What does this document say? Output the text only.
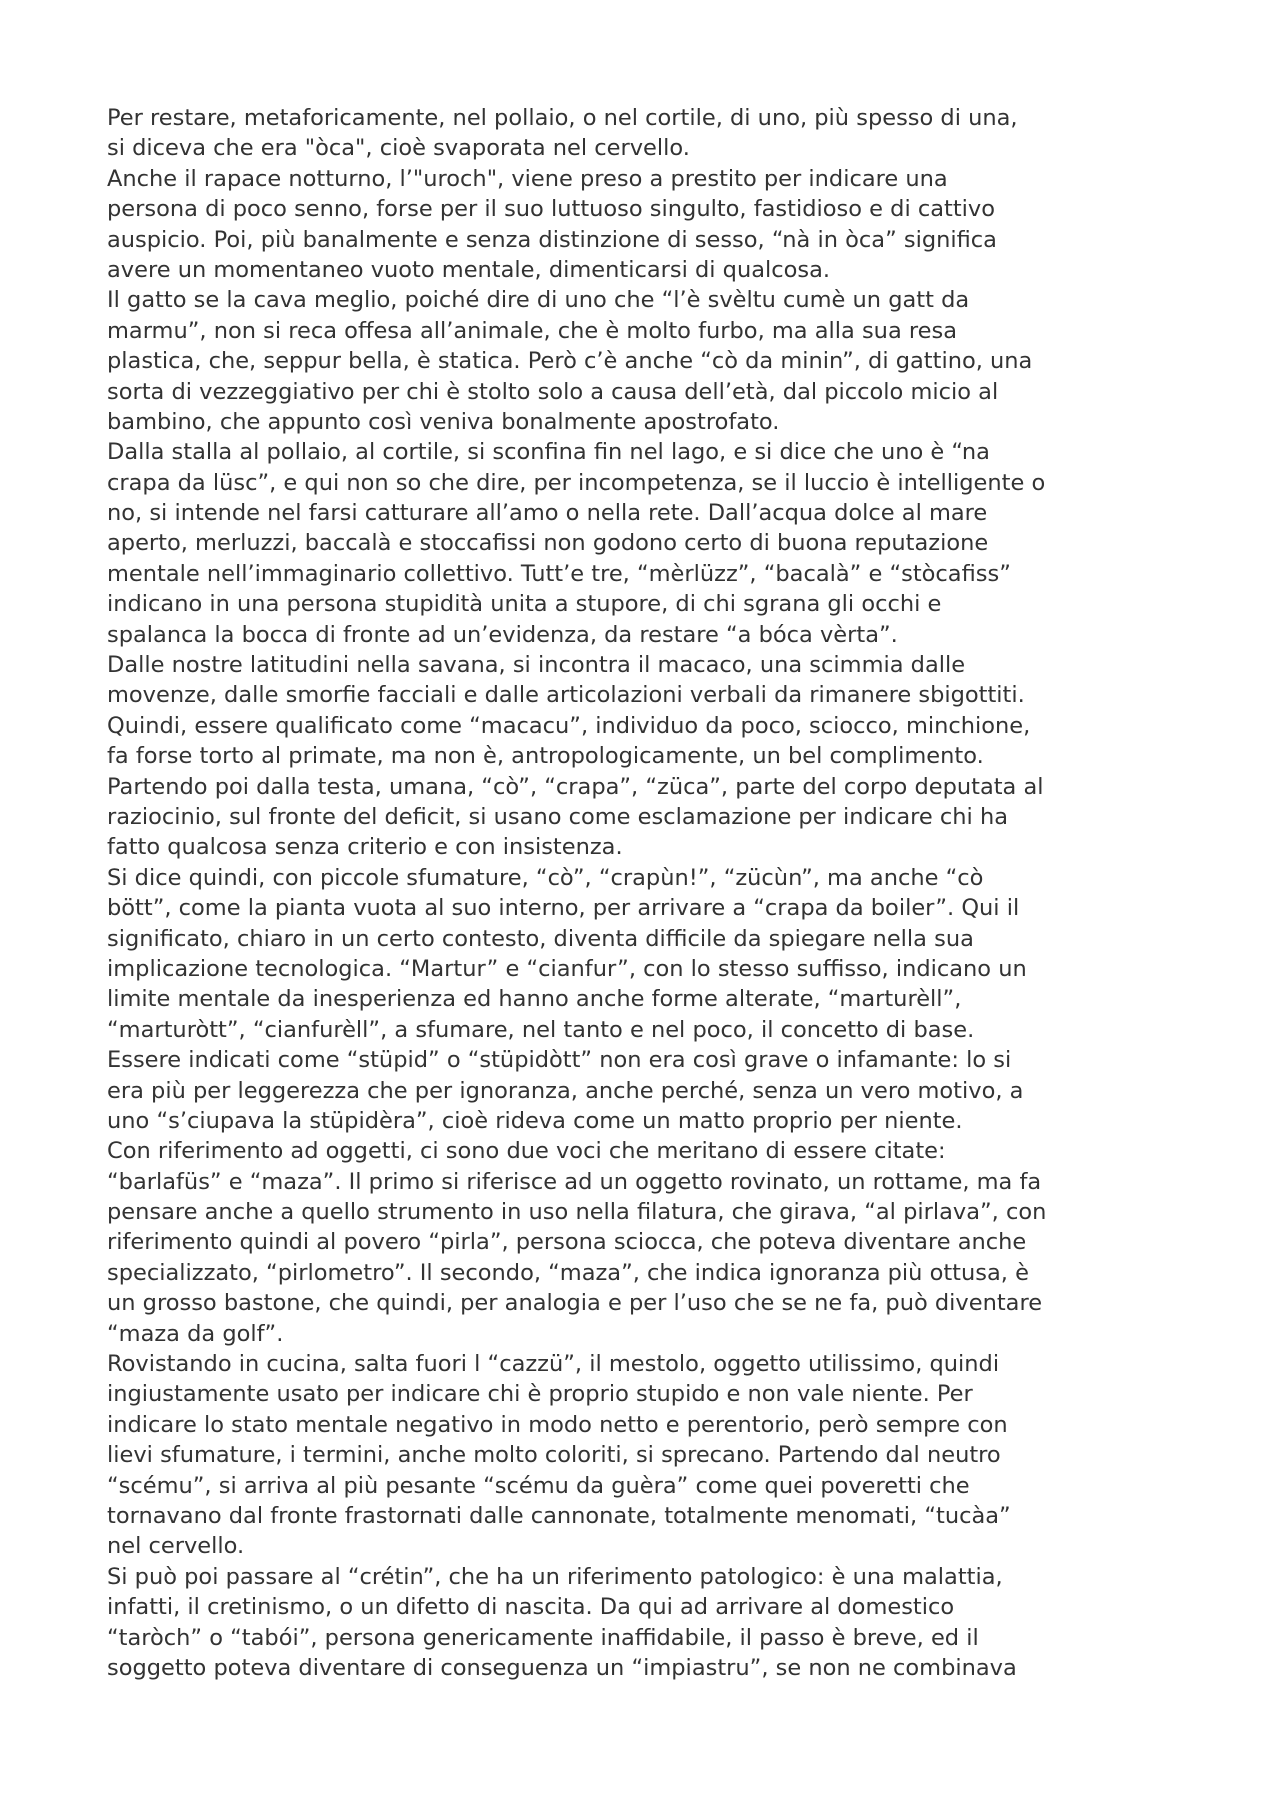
Per restare, metaforicamente, nel pollaio, o nel cortile, di uno, più spesso di una,
si diceva che era "òca", cioè svaporata nel cervello.
Anche il rapace notturno, l’"uroch", viene preso a prestito per indicare una
persona di poco senno, forse per il suo luttuoso singulto, fastidioso e di cattivo
auspicio. Poi, più banalmente e senza distinzione di sesso, “nà in òca” significa
avere un momentaneo vuoto mentale, dimenticarsi di qualcosa.
Il gatto se la cava meglio, poiché dire di uno che “l’è svèltu cumè un gatt da
marmu”, non si reca offesa all’animale, che è molto furbo, ma alla sua resa
plastica, che, seppur bella, è statica. Però c’è anche “cò da minin”, di gattino, una
sorta di vezzeggiativo per chi è stolto solo a causa dell’età, dal piccolo micio al
bambino, che appunto così veniva bonalmente apostrofato.
Dalla stalla al pollaio, al cortile, si sconfina fin nel lago, e si dice che uno è “na
crapa da lüsc”, e qui non so che dire, per incompetenza, se il luccio è intelligente o
no, si intende nel farsi catturare all’amo o nella rete. Dall’acqua dolce al mare
aperto, merluzzi, baccalà e stoccafissi non godono certo di buona reputazione
mentale nell’immaginario collettivo. Tutt’e tre, “mèrlüzz”, “bacalà” e “stòcafiss”
indicano in una persona stupidità unita a stupore, di chi sgrana gli occhi e
spalanca la bocca di fronte ad un’evidenza, da restare “a bóca vèrta”.
Dalle nostre latitudini nella savana, si incontra il macaco, una scimmia dalle
movenze, dalle smorfie facciali e dalle articolazioni verbali da rimanere sbigottiti.
Quindi, essere qualificato come “macacu”, individuo da poco, sciocco, minchione,
fa forse torto al primate, ma non è, antropologicamente, un bel complimento.
Partendo poi dalla testa, umana, “cò”, “crapa”, “züca”, parte del corpo deputata al
raziocinio, sul fronte del deficit, si usano come esclamazione per indicare chi ha
fatto qualcosa senza criterio e con insistenza.
Si dice quindi, con piccole sfumature, “cò”, “crapùn!”, “zücùn”, ma anche “cò
bött”, come la pianta vuota al suo interno, per arrivare a “crapa da boiler”. Qui il
significato, chiaro in un certo contesto, diventa difficile da spiegare nella sua
implicazione tecnologica. “Martur” e “cianfur”, con lo stesso suffisso, indicano un
limite mentale da inesperienza ed hanno anche forme alterate, “marturèll”,
“marturòtt”, “cianfurèll”, a sfumare, nel tanto e nel poco, il concetto di base.
Essere indicati come “stüpid” o “stüpidòtt” non era così grave o infamante: lo si
era più per leggerezza che per ignoranza, anche perché, senza un vero motivo, a
uno “s’ciupava la stüpidèra”, cioè rideva come un matto proprio per niente.
Con riferimento ad oggetti, ci sono due voci che meritano di essere citate:
“barlafüs” e “maza”. Il primo si riferisce ad un oggetto rovinato, un rottame, ma fa
pensare anche a quello strumento in uso nella filatura, che girava, “al pirlava”, con
riferimento quindi al povero “pirla”, persona sciocca, che poteva diventare anche
specializzato, “pirlometro”. Il secondo, “maza”, che indica ignoranza più ottusa, è
un grosso bastone, che quindi, per analogia e per l’uso che se ne fa, può diventare
“maza da golf”.
Rovistando in cucina, salta fuori l “cazzü”, il mestolo, oggetto utilissimo, quindi
ingiustamente usato per indicare chi è proprio stupido e non vale niente. Per
indicare lo stato mentale negativo in modo netto e perentorio, però sempre con
lievi sfumature, i termini, anche molto coloriti, si sprecano. Partendo dal neutro
“scému”, si arriva al più pesante “scému da guèra” come quei poveretti che
tornavano dal fronte frastornati dalle cannonate, totalmente menomati, “tucàa”
nel cervello.
Si può poi passare al “crétin”, che ha un riferimento patologico: è una malattia,
infatti, il cretinismo, o un difetto di nascita. Da qui ad arrivare al domestico
“taròch” o “tabói”, persona genericamente inaffidabile, il passo è breve, ed il
soggetto poteva diventare di conseguenza un “impiastru”, se non ne combinava
